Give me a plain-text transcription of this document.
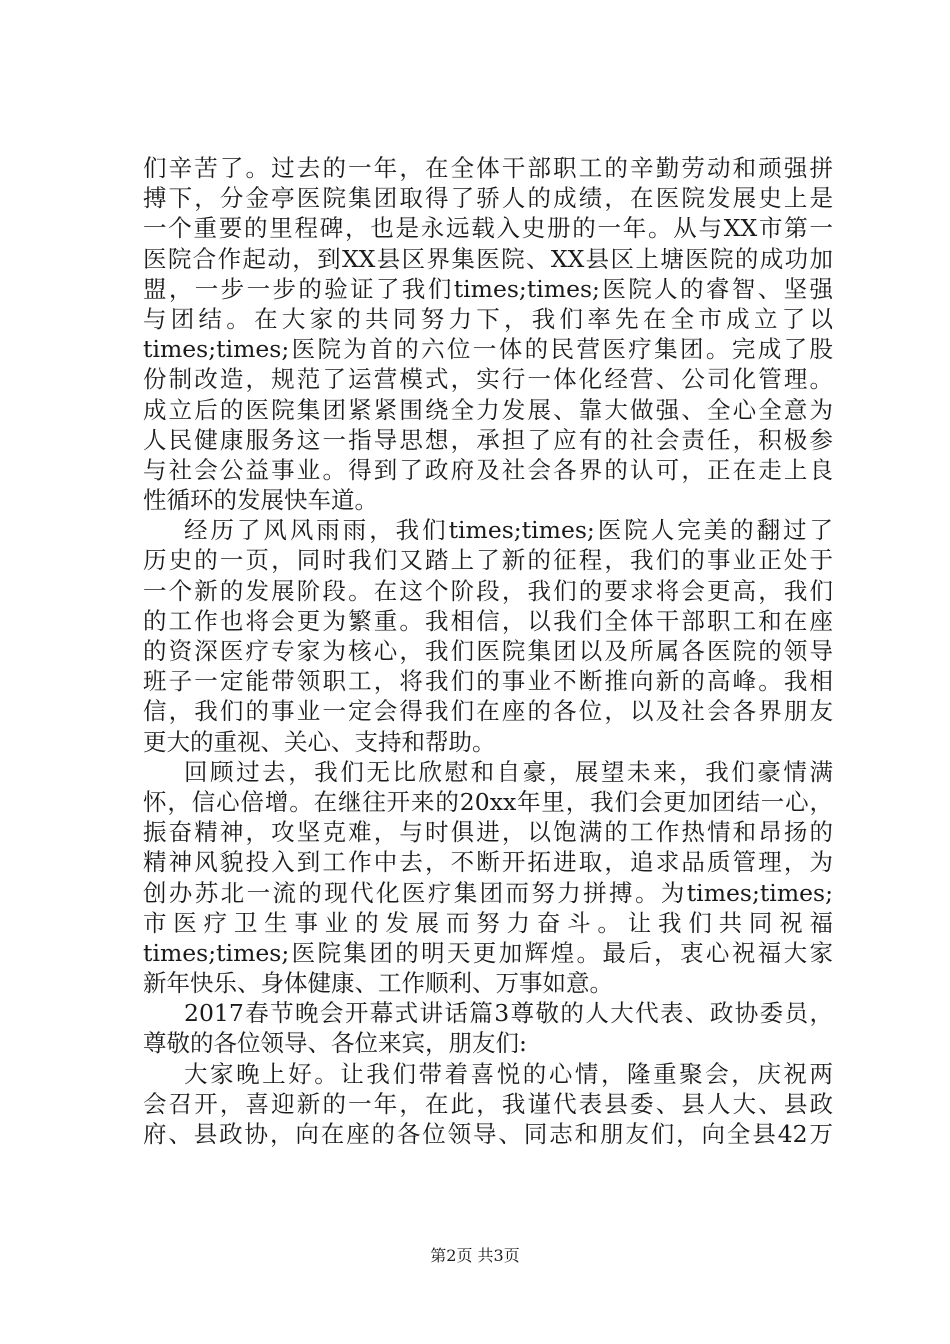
们辛苦了。过去的一年，在全体干部职工的辛勤劳动和顽强拼
搏下，分金亭医院集团取得了骄人的成绩，在医院发展史上是
一个重要的里程碑，也是永远载入史册的一年。从与XX市第一
医院合作起动，到XX县区界集医院、XX县区上塘医院的成功加
盟，一步一步的验证了我们times;times;医院人的睿智、坚强
与团结。在大家的共同努力下，我们率先在全市成立了以
times;times;医院为首的六位一体的民营医疗集团。完成了股
份制改造，规范了运营模式，实行一体化经营、公司化管理。
成立后的医院集团紧紧围绕全力发展、靠大做强、全心全意为
人民健康服务这一指导思想，承担了应有的社会责任，积极参
与社会公益事业。得到了政府及社会各界的认可，正在走上良
性循环的发展快车道。
经历了风风雨雨，我们times;times;医院人完美的翻过了
历史的一页，同时我们又踏上了新的征程，我们的事业正处于
一个新的发展阶段。在这个阶段，我们的要求将会更高，我们
的工作也将会更为繁重。我相信，以我们全体干部职工和在座
的资深医疗专家为核心，我们医院集团以及所属各医院的领导
班子一定能带领职工，将我们的事业不断推向新的高峰。我相
信，我们的事业一定会得我们在座的各位，以及社会各界朋友
更大的重视、关心、支持和帮助。
回顾过去，我们无比欣慰和自豪，展望未来，我们豪情满
怀，信心倍增。在继往开来的20xx年里，我们会更加团结一心，
振奋精神，攻坚克难，与时俱进，以饱满的工作热情和昂扬的
精神风貌投入到工作中去，不断开拓进取，追求品质管理，为
创办苏北一流的现代化医疗集团而努力拼搏。为times;times;
市医疗卫生事业的发展而努力奋斗。让我们共同祝福
times;times;医院集团的明天更加辉煌。最后，衷心祝福大家
新年快乐、身体健康、工作顺利、万事如意。
2017春节晚会开幕式讲话篇3尊敬的人大代表、政协委员，
尊敬的各位领导、各位来宾，朋友们:
大家晚上好。让我们带着喜悦的心情，隆重聚会，庆祝两
会召开，喜迎新的一年，在此，我谨代表县委、县人大、县政
府、县政协，向在座的各位领导、同志和朋友们，向全县42万
第2页 共3页
